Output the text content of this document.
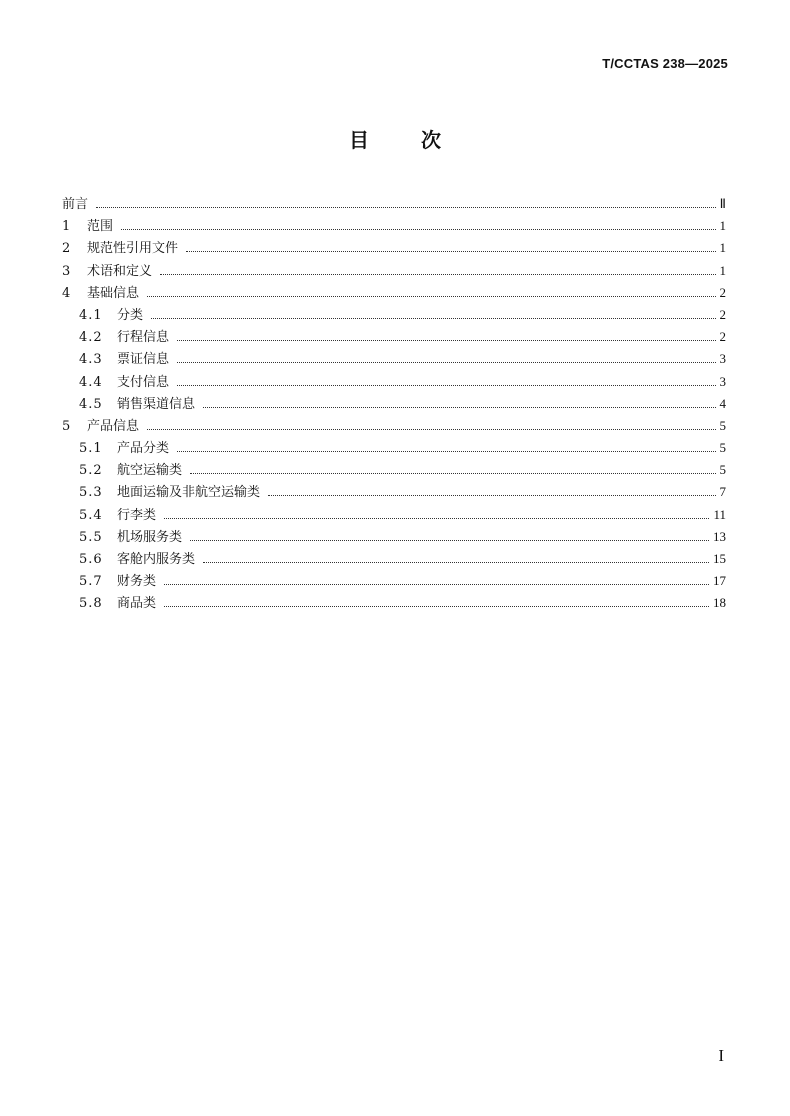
T/CCTAS 238—2025
目	次
前言	Ⅱ
1	范围	1
2	规范性引用文件	1
3	术语和定义	1
4	基础信息	2
4.1	分类	2
4.2	行程信息	2
4.3	票证信息	3
4.4	支付信息	3
4.5	销售渠道信息	4
5	产品信息	5
5.1	产品分类	5
5.2	航空运输类	5
5.3	地面运输及非航空运输类	7
5.4	行李类	11
5.5	机场服务类	13
5.6	客舱内服务类	15
5.7	财务类	17
5.8	商品类	18
I
